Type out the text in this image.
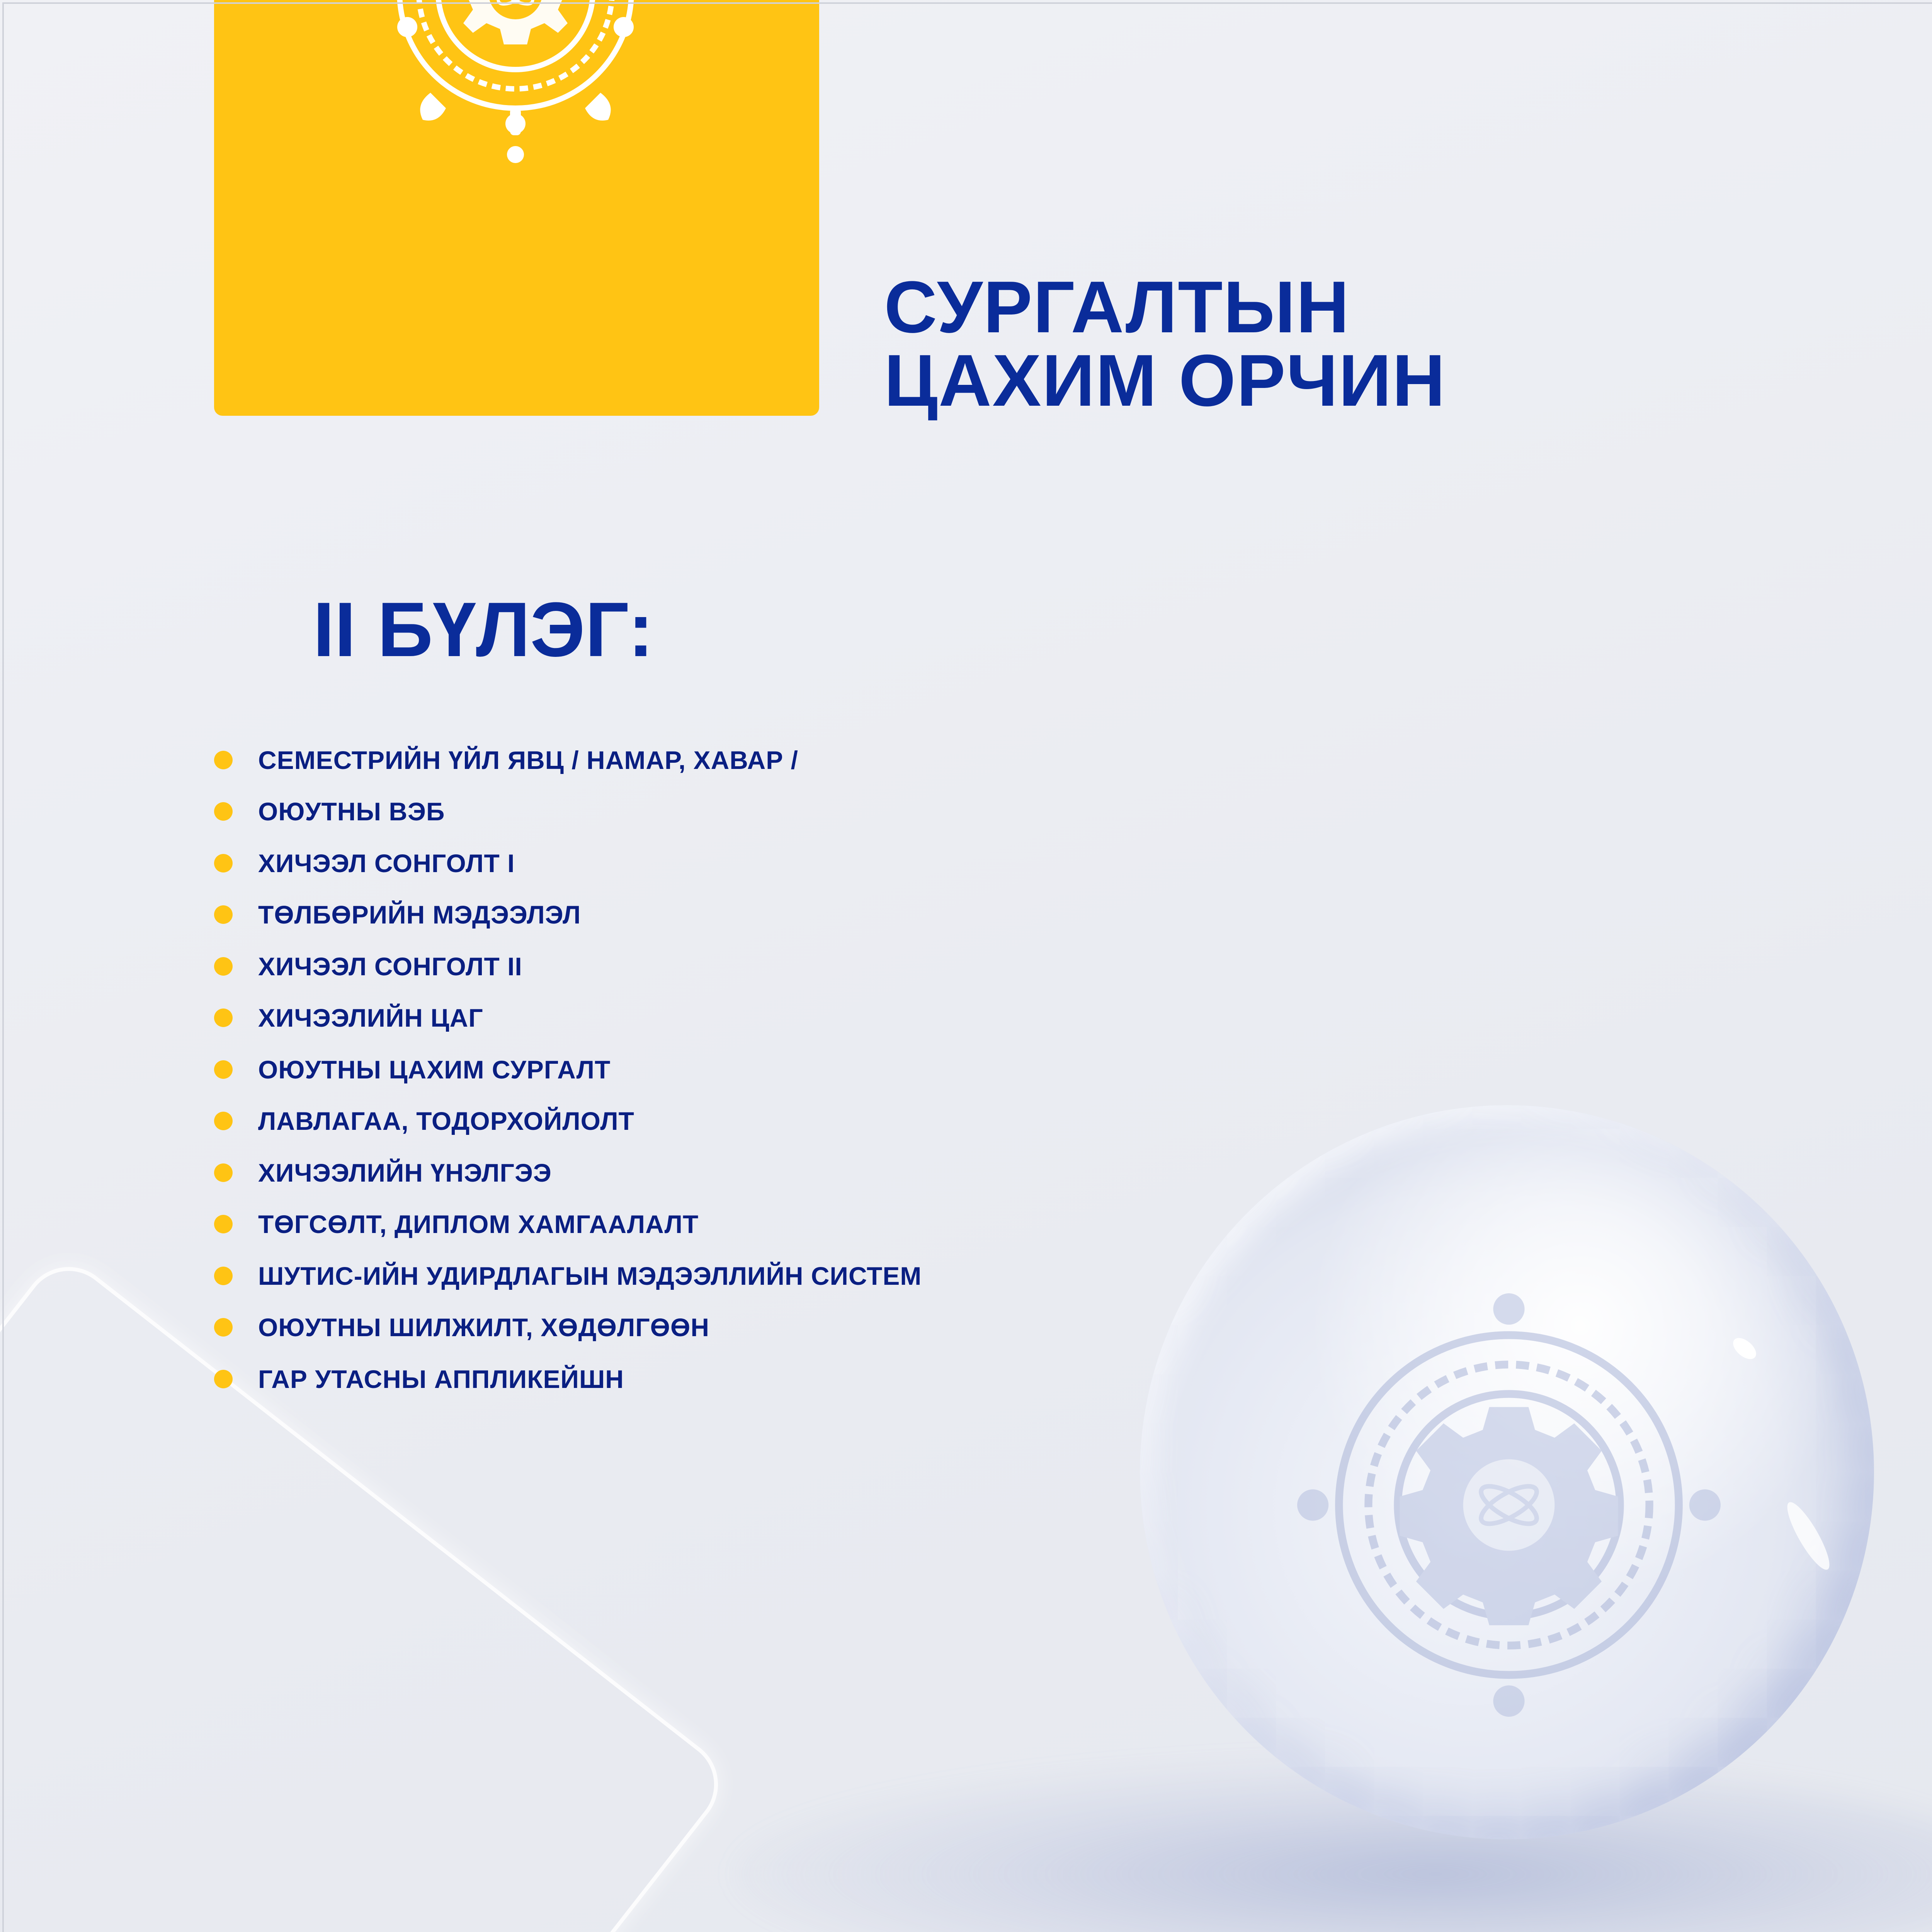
СУРГАЛТЫН
ЦАХИМ ОРЧИН
II БҮЛЭГ:
СЕМЕСТРИЙН ҮЙЛ ЯВЦ / НАМАР, ХАВАР /
ОЮУТНЫ ВЭБ
ХИЧЭЭЛ СОНГОЛТ I
ТӨЛБӨРИЙН МЭДЭЭЛЭЛ
ХИЧЭЭЛ СОНГОЛТ II
ХИЧЭЭЛИЙН ЦАГ
ОЮУТНЫ ЦАХИМ СУРГАЛТ
ЛАВЛАГАА, ТОДОРХОЙЛОЛТ
ХИЧЭЭЛИЙН ҮНЭЛГЭЭ
ТӨГСӨЛТ, ДИПЛОМ ХАМГААЛАЛТ
ШУТИС-ИЙН УДИРДЛАГЫН МЭДЭЭЛЛИЙН СИСТЕМ
ОЮУТНЫ ШИЛЖИЛТ, ХӨДӨЛГӨӨН
ГАР УТАСНЫ АППЛИКЕЙШН
